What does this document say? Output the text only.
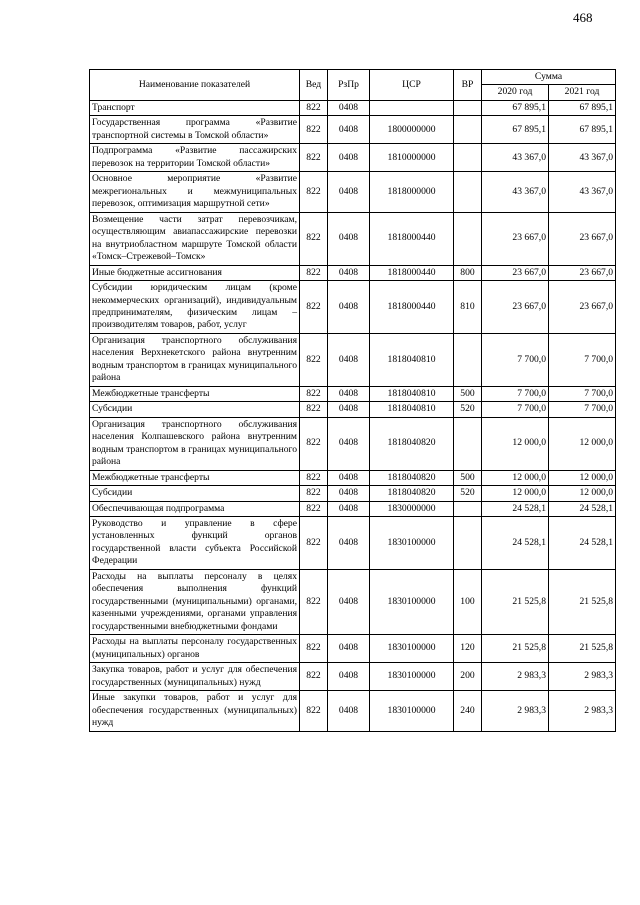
468
Наименование показателей	Вед	РзПр	ЦСР	ВР	Сумма	
					2020 год	2021 год
Транспорт	822	0408			67 895,1	67 895,1
Государственная программа «Развитие транспортной системы в Томской области»	822	0408	1800000000		67 895,1	67 895,1
Подпрограмма «Развитие пассажирских перевозок на территории Томской области»	822	0408	1810000000		43 367,0	43 367,0
Основное мероприятие «Развитие межрегиональных и межмуниципальных перевозок, оптимизация маршрутной сети»	822	0408	1818000000		43 367,0	43 367,0
Возмещение части затрат перевозчикам, осуществляющим авиапассажирские перевозки на внутриобластном маршруте Томской области «Томск–Стрежевой–Томск»	822	0408	1818000440		23 667,0	23 667,0
Иные бюджетные ассигнования	822	0408	1818000440	800	23 667,0	23 667,0
Субсидии юридическим лицам (кроме некоммерческих организаций), индивидуальным предпринимателям, физическим лицам – производителям товаров, работ, услуг	822	0408	1818000440	810	23 667,0	23 667,0
Организация транспортного обслуживания населения Верхнекетского района внутренним водным транспортом в границах муниципального района	822	0408	1818040810		7 700,0	7 700,0
Межбюджетные трансферты	822	0408	1818040810	500	7 700,0	7 700,0
Субсидии	822	0408	1818040810	520	7 700,0	7 700,0
Организация транспортного обслуживания населения Колпашевского района внутренним водным транспортом в границах муниципального района	822	0408	1818040820		12 000,0	12 000,0
Межбюджетные трансферты	822	0408	1818040820	500	12 000,0	12 000,0
Субсидии	822	0408	1818040820	520	12 000,0	12 000,0
Обеспечивающая подпрограмма	822	0408	1830000000		24 528,1	24 528,1
Руководство и управление в сфере установленных функций органов государственной власти субъекта Российской Федерации	822	0408	1830100000		24 528,1	24 528,1
Расходы на выплаты персоналу в целях обеспечения выполнения функций государственными (муниципальными) органами, казенными учреждениями, органами управления государственными внебюджетными фондами	822	0408	1830100000	100	21 525,8	21 525,8
Расходы на выплаты персоналу государственных (муниципальных) органов	822	0408	1830100000	120	21 525,8	21 525,8
Закупка товаров, работ и услуг для обеспечения государственных (муниципальных) нужд	822	0408	1830100000	200	2 983,3	2 983,3
Иные закупки товаров, работ и услуг для обеспечения государственных (муниципальных) нужд	822	0408	1830100000	240	2 983,3	2 983,3
